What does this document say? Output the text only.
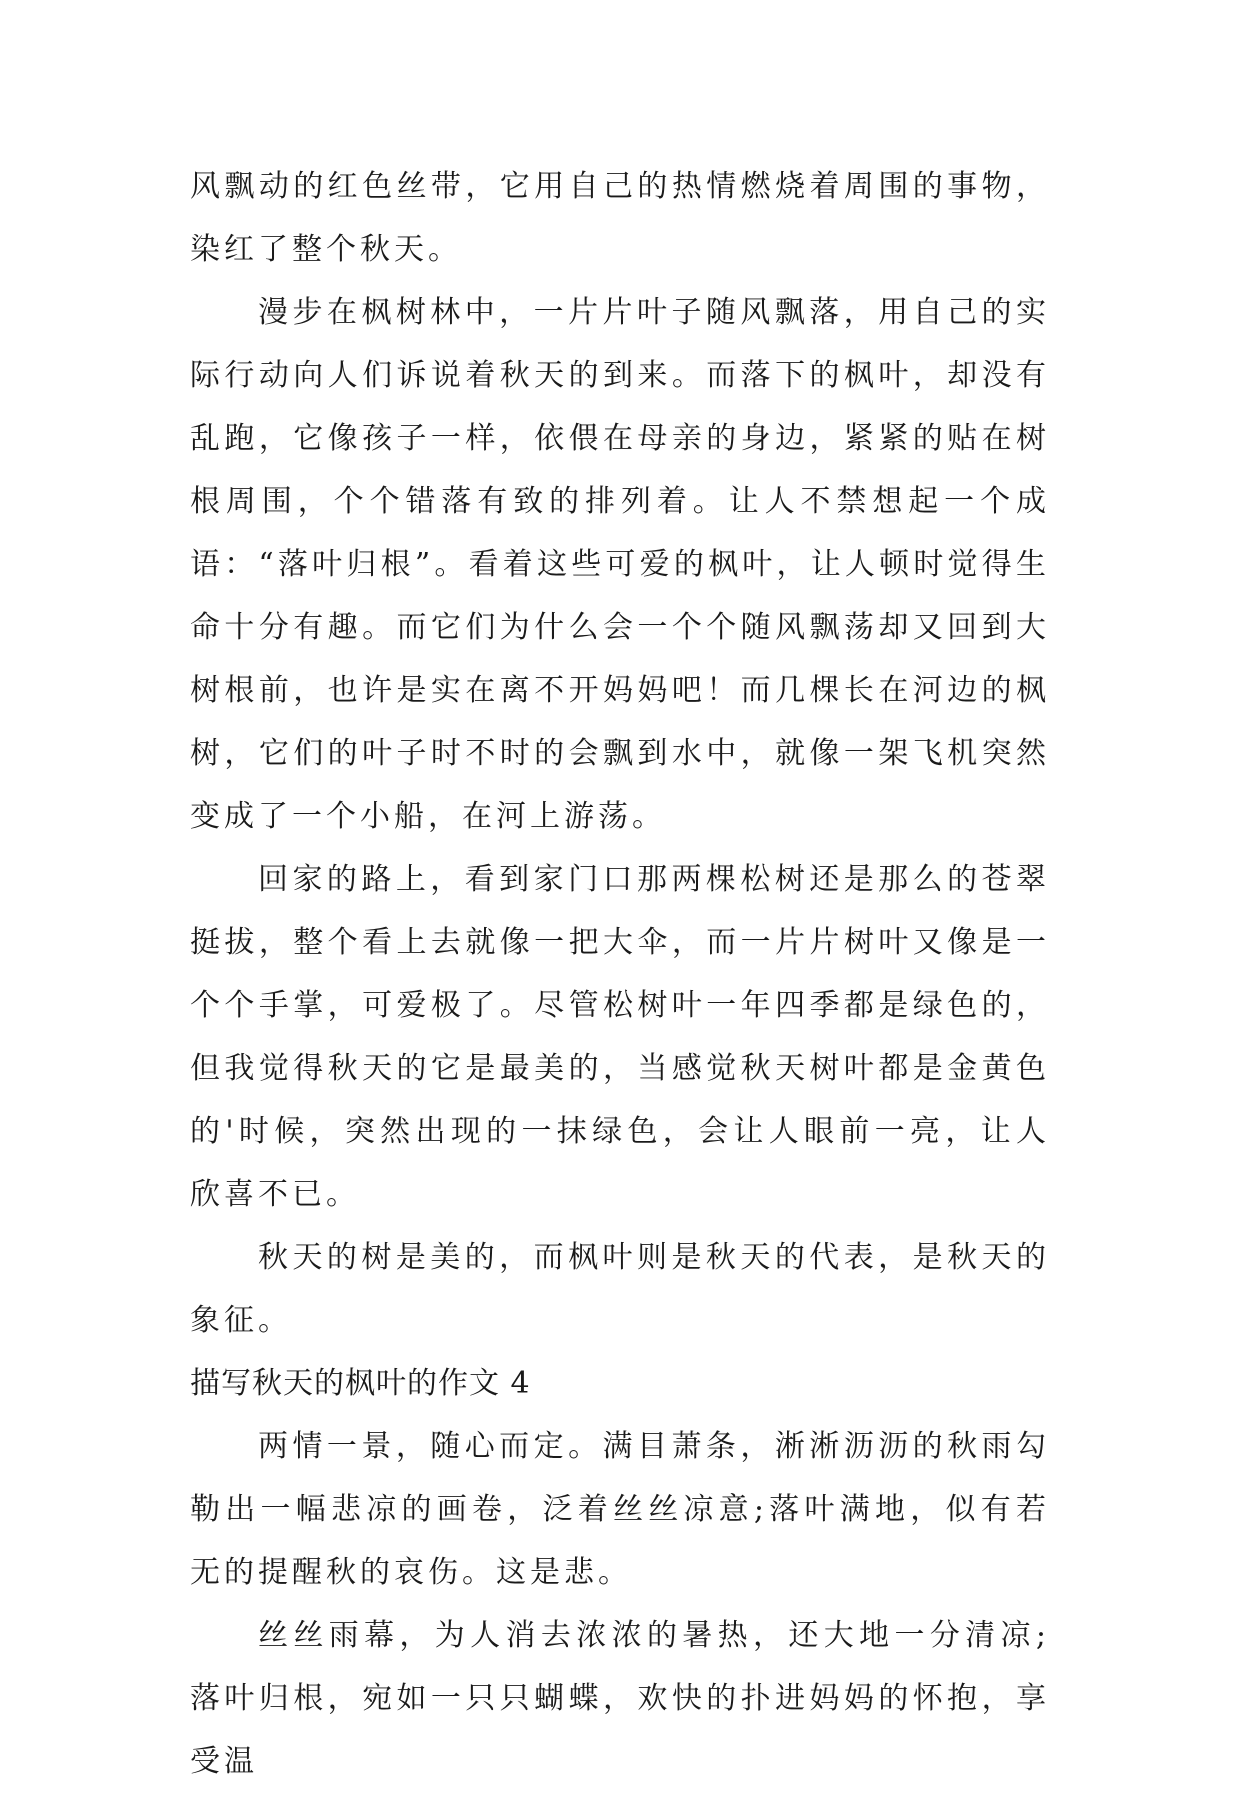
风飘动的红色丝带，它用自己的热情燃烧着周围的事物，染红了整个秋天。

漫步在枫树林中，一片片叶子随风飘落，用自己的实际行动向人们诉说着秋天的到来。而落下的枫叶，却没有乱跑，它像孩子一样，依偎在母亲的身边，紧紧的贴在树根周围，个个错落有致的排列着。让人不禁想起一个成语：“落叶归根”。看着这些可爱的枫叶，让人顿时觉得生命十分有趣。而它们为什么会一个个随风飘荡却又回到大树根前，也许是实在离不开妈妈吧！而几棵长在河边的枫树，它们的叶子时不时的会飘到水中，就像一架飞机突然变成了一个小船，在河上游荡。

回家的路上，看到家门口那两棵松树还是那么的苍翠挺拔，整个看上去就像一把大伞，而一片片树叶又像是一个个手掌，可爱极了。尽管松树叶一年四季都是绿色的，但我觉得秋天的它是最美的，当感觉秋天树叶都是金黄色的'时候，突然出现的一抹绿色，会让人眼前一亮，让人欣喜不已。

秋天的树是美的，而枫叶则是秋天的代表，是秋天的象征。

描写秋天的枫叶的作文 4

两情一景，随心而定。满目萧条，淅淅沥沥的秋雨勾勒出一幅悲凉的画卷，泛着丝丝凉意;落叶满地，似有若无的提醒秋的哀伤。这是悲。

丝丝雨幕，为人消去浓浓的暑热，还大地一分清凉;落叶归根，宛如一只只蝴蝶，欢快的扑进妈妈的怀抱，享受温
